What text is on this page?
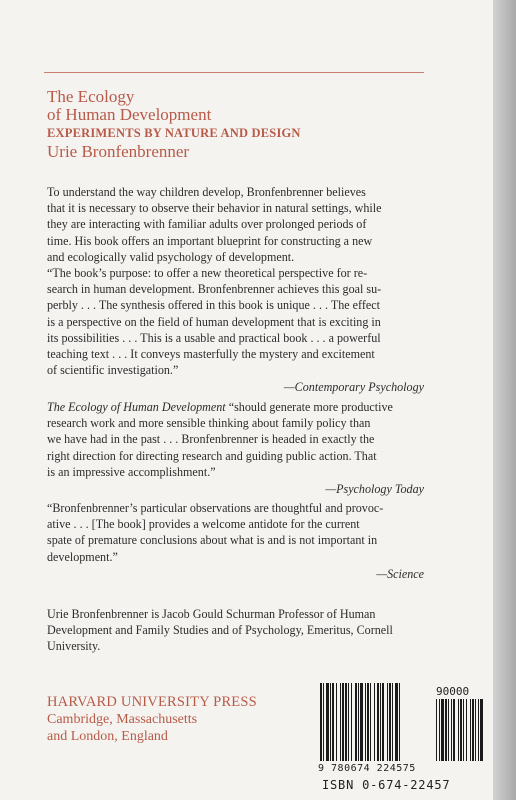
The Ecology
of Human Development
EXPERIMENTS BY NATURE AND DESIGN
Urie Bronfenbrenner
To understand the way children develop, Bronfenbrenner believes
that it is necessary to observe their behavior in natural settings, while
they are interacting with familiar adults over prolonged periods of
time. His book offers an important blueprint for constructing a new
and ecologically valid psychology of development.
“The book’s purpose: to offer a new theoretical perspective for re-
search in human development. Bronfenbrenner achieves this goal su-
perbly . . . The synthesis offered in this book is unique . . . The effect
is a perspective on the field of human development that is exciting in
its possibilities . . . This is a usable and practical book . . . a powerful
teaching text . . . It conveys masterfully the mystery and excitement
of scientific investigation.”
—Contemporary Psychology
The Ecology of Human Development “should generate more productive
research work and more sensible thinking about family policy than
we have had in the past . . . Bronfenbrenner is headed in exactly the
right direction for directing research and guiding public action. That
is an impressive accomplishment.”
—Psychology Today
“Bronfenbrenner’s particular observations are thoughtful and provoc-
ative . . . [The book] provides a welcome antidote for the current
spate of premature conclusions about what is and is not important in
development.”
—Science
Urie Bronfenbrenner is Jacob Gould Schurman Professor of Human
Development and Family Studies and of Psychology, Emeritus, Cornell
University.
HARVARD UNIVERSITY PRESS
Cambridge, Massachusetts
and London, England
90000
9 780674 224575
ISBN 0-674-22457
